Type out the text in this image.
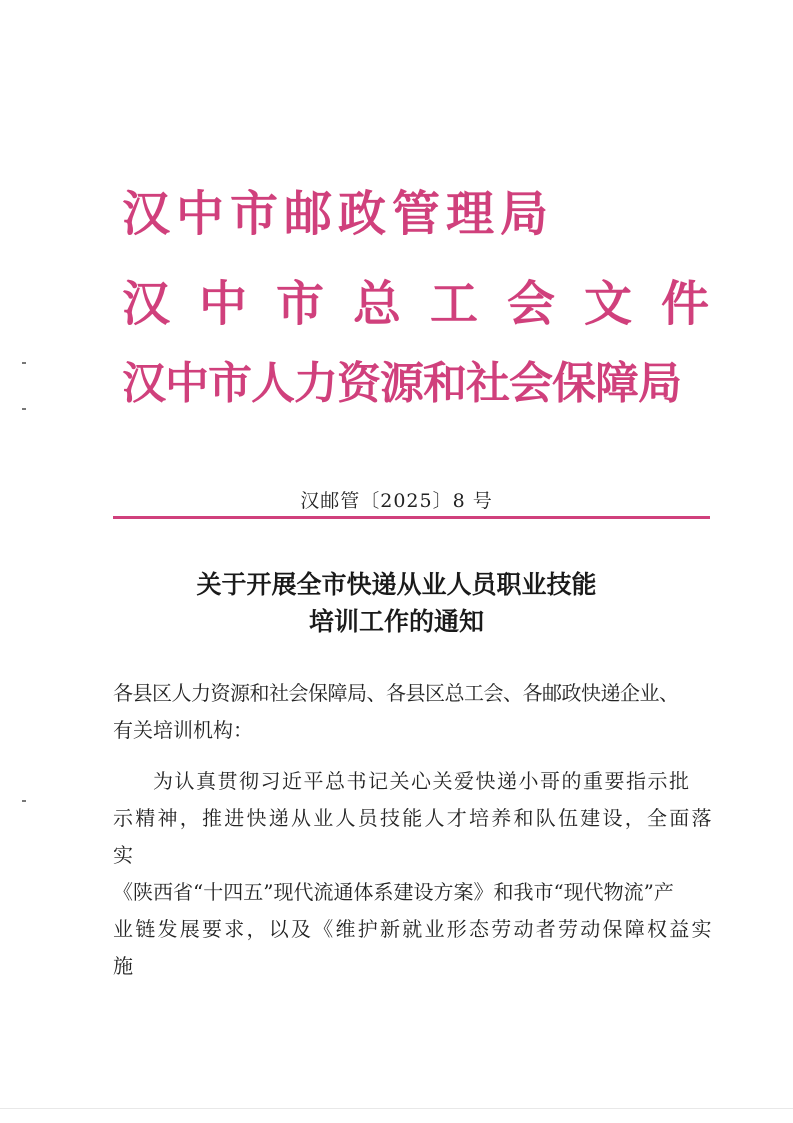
汉中市邮政管理局
汉中市总工会文件
汉中市人力资源和社会保障局
汉邮管〔2025〕8 号
关于开展全市快递从业人员职业技能
培训工作的通知
各县区人力资源和社会保障局、各县区总工会、各邮政快递企业、
有关培训机构：
为认真贯彻习近平总书记关心关爱快递小哥的重要指示批
示精神，推进快递从业人员技能人才培养和队伍建设，全面落实
《陕西省“十四五”现代流通体系建设方案》和我市“现代物流”产
业链发展要求，以及《维护新就业形态劳动者劳动保障权益实施
